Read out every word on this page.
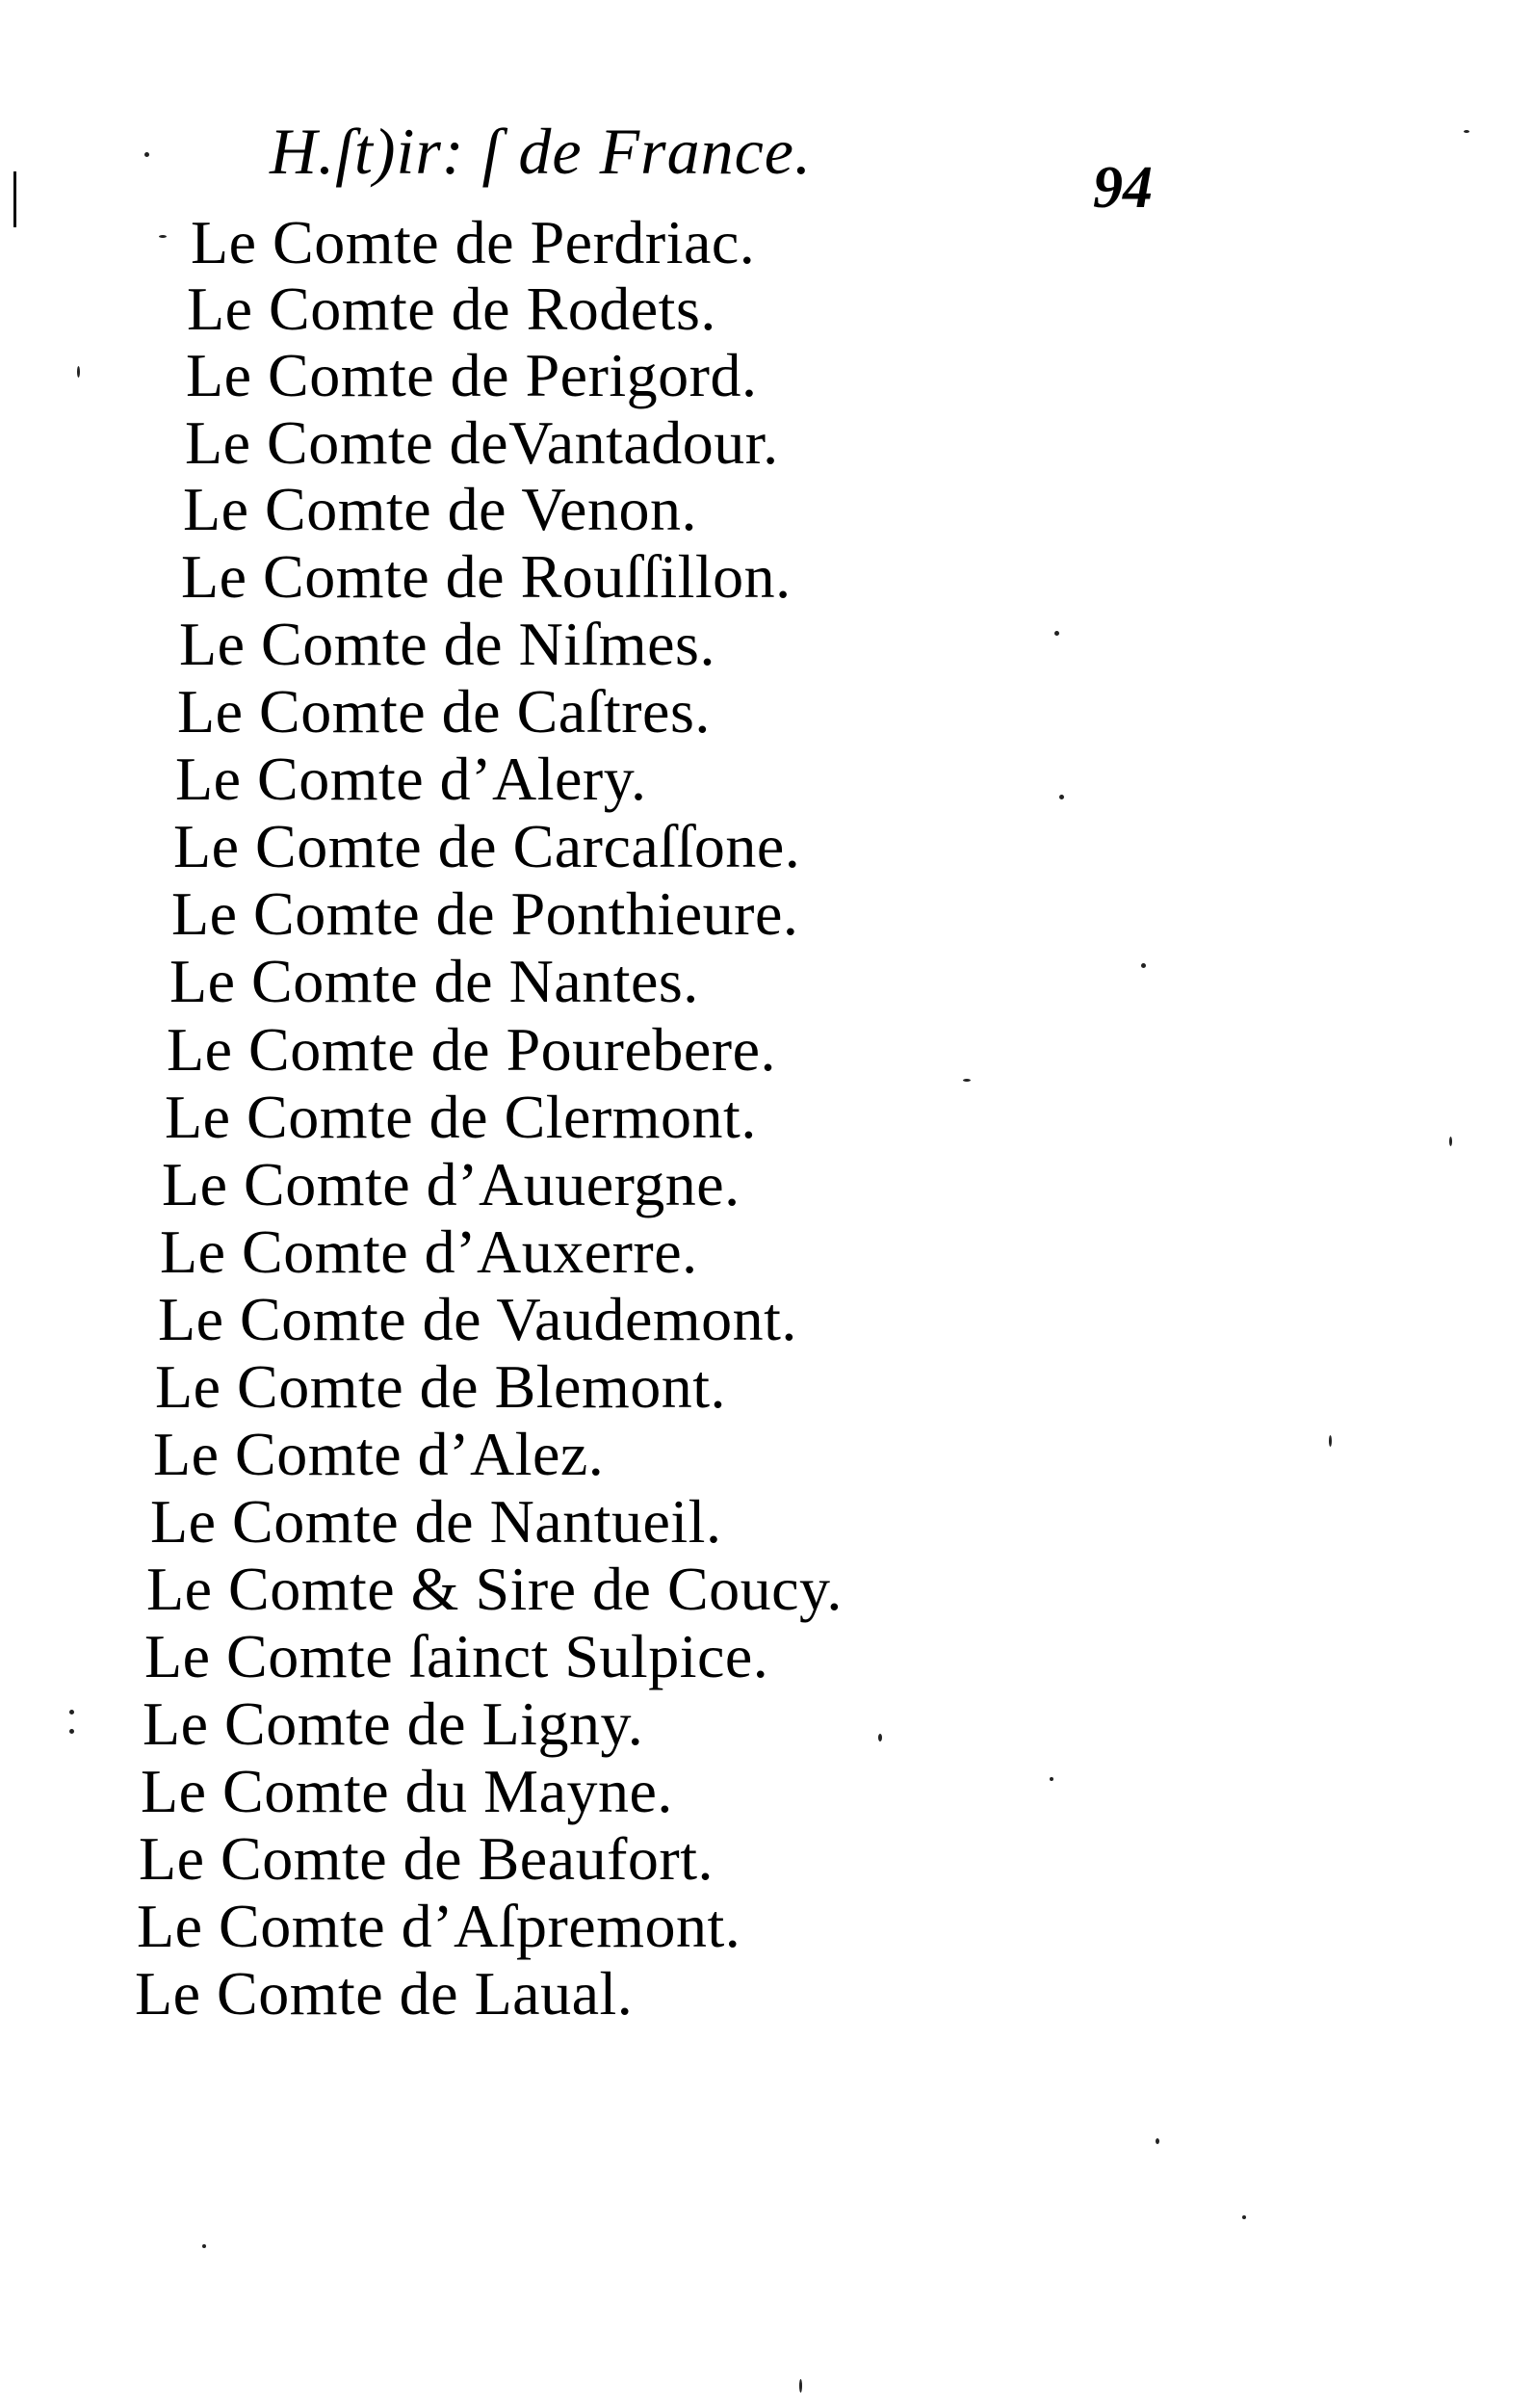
H.ſt)ir: ſ de France.	94
Le Comte de Perdriac.
Le Comte de Rodets.
Le Comte de Perigord.
Le Comte deVantadour.
Le Comte de Venon.
Le Comte de Rouſſillon.
Le Comte de Niſmes.
Le Comte de Caſtres.
Le Comte d’Alery.
Le Comte de Carcaſſone.
Le Comte de Ponthieure.
Le Comte de Nantes.
Le Comte de Pourebere.
Le Comte de Clermont.
Le Comte d’Auuergne.
Le Comte d’Auxerre.
Le Comte de Vaudemont.
Le Comte de Blemont.
Le Comte d’Alez.
Le Comte de Nantueil.
Le Comte & Sire de Coucy.
Le Comte ſainct Sulpice.
Le Comte de Ligny.
Le Comte du Mayne.
Le Comte de Beaufort.
Le Comte d’Aſpremont.
Le Comte de Laual.
